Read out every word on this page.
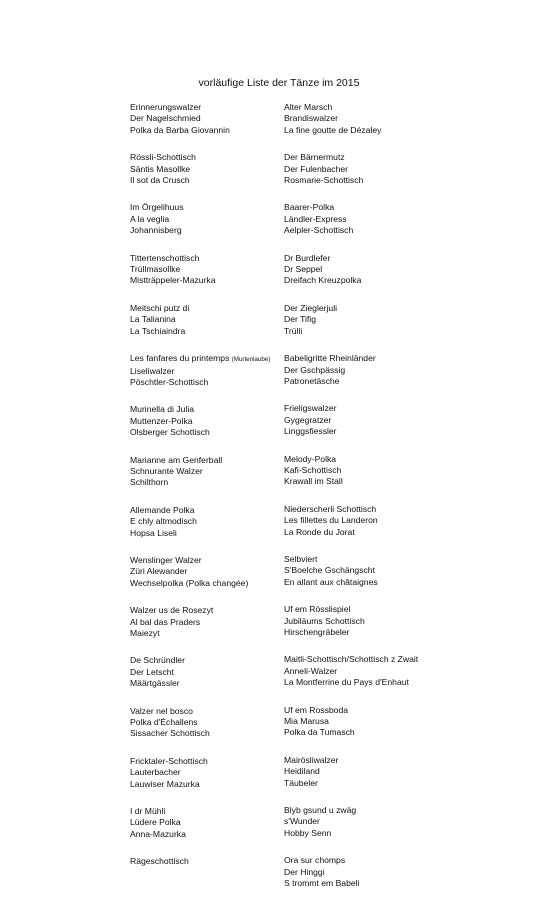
vorläufige Liste der Tänze im 2015
Erinnerungswalzer
Der Nagelschmied
Polka da Barba Giovannin
Rössli-Schottisch
Säntis Masollke
Il sot da Crusch
Im Örgelihuus
A la veglia
Johannisberg
Tittertenschottisch
Trüllmasollke
Mistträppeler-Mazurka
Meitschi putz di
La Talianina
La Tschiaindra
Les fanfares du printemps (Murtenlaube)
Liseliwalzer
Pöschtler-Schottisch
Murinella di Julia
Muttenzer-Polka
Olsberger Schottisch
Marianne am Genferball
Schnurante Walzer
Schilthorn
Allemande Polka
E chly altmodisch
Hopsa Liseli
Wenslinger Walzer
Züri Alewander
Wechselpolka (Polka changée)
Walzer us de Rosezyt
Al bal das Praders
Maiezyt
De Schründler
Der Letscht
Määrtgässler
Valzer nel bosco
Polka d'Échallens
Sissacher Schottisch
Fricktaler-Schottisch
Lauterbacher
Lauwiser Mazurka
I dr Mühli
Lüdere Polka
Anna-Mazurka
Rägeschottisch
Alter Marsch
Brandiswalzer
La fine goutte de Dézaley
Der Bärnermutz
Der Fulenbacher
Rosmarie-Schottisch
Baarer-Polka
Ländler-Express
Aelpler-Schottisch
Dr Burdlefer
Dr Seppel
Dreifach Kreuzpolka
Der Zieglerjuli
Der Tifig
Trülli
Babeligritte Rheinländer
Der Gschpässig
Patronetäsche
Frieligswalzer
Gygegratzer
Linggsfiessler
Melody-Polka
Kafi-Schottisch
Krawall im Stall
Niederscherli Schottisch
Les fillettes du Landeron
La Ronde du Jorat
Selbviert
S'Boelche Gschängscht
En allant aux châtaignes
Uf em Rösslispiel
Jubiläums Schottisch
Hirschengräbeler
Maitli-Schottisch/Schottisch z Zwait
Anneli-Walzer
La Montferrine du Pays d'Enhaut
Uf em Rossboda
Mia Marusa
Polka da Tumasch
Mairösliwalzer
Heidiland
Täubeler
Blyb gsund u zwäg
s'Wunder
Hobby Senn
Ora sur chomps
Der Hinggi
S trommt em Babeli
